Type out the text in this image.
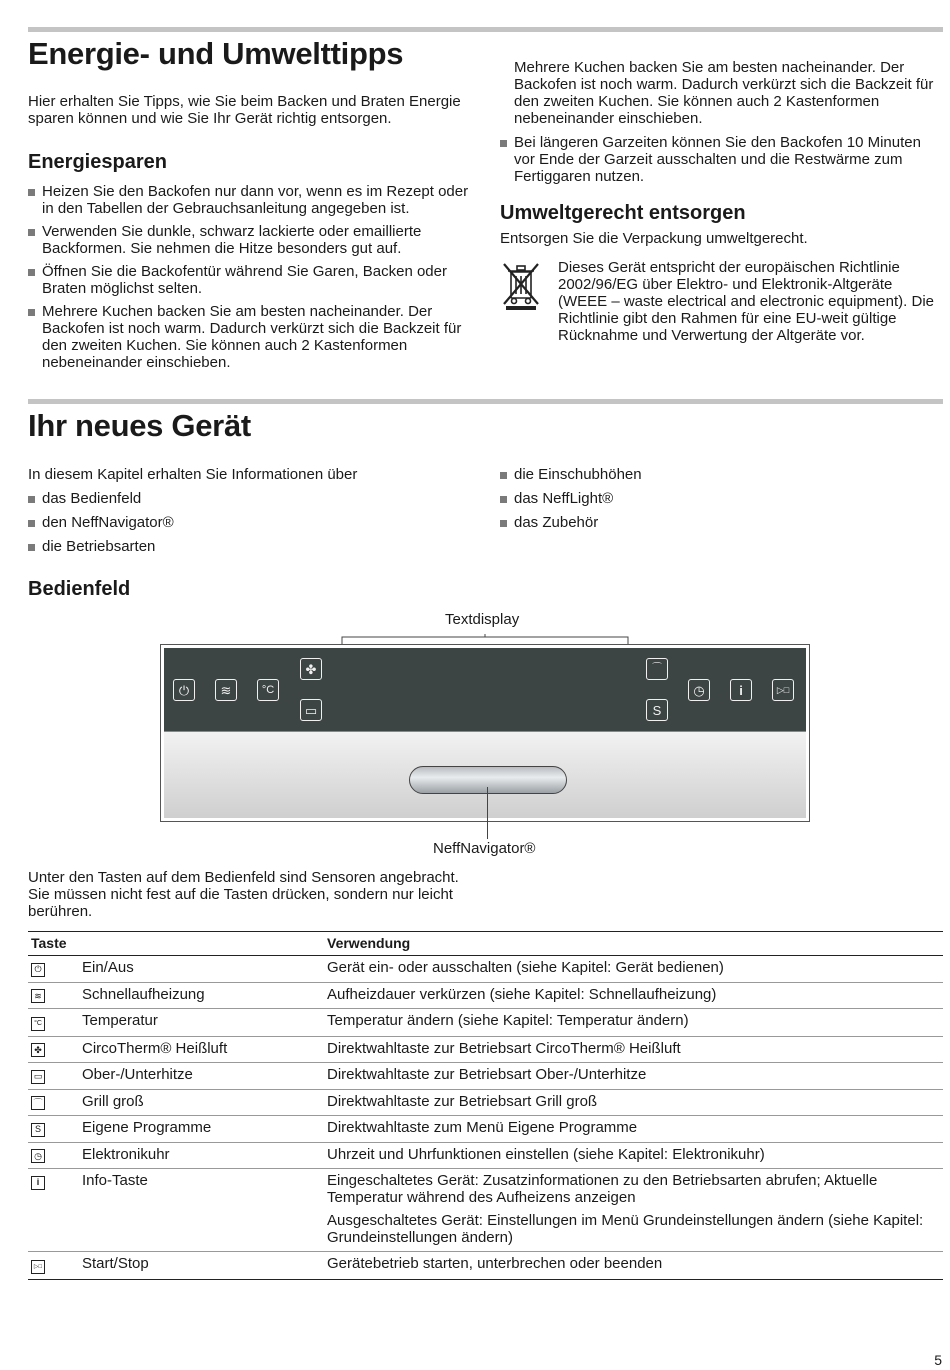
Energie- und Umwelttipps

Hier erhalten Sie Tipps, wie Sie beim Backen und Braten Energie sparen können und wie Sie Ihr Gerät richtig entsorgen.

Energiesparen
Heizen Sie den Backofen nur dann vor, wenn es im Rezept oder in den Tabellen der Gebrauchsanleitung angegeben ist.
Verwenden Sie dunkle, schwarz lackierte oder emaillierte Backformen. Sie nehmen die Hitze besonders gut auf.
Öffnen Sie die Backofentür während Sie Garen, Backen oder Braten möglichst selten.
Mehrere Kuchen backen Sie am besten nacheinander. Der Backofen ist noch warm. Dadurch verkürzt sich die Backzeit für den zweiten Kuchen. Sie können auch 2 Kastenformen nebeneinander einschieben.
Mehrere Kuchen backen Sie am besten nacheinander. Der Backofen ist noch warm. Dadurch verkürzt sich die Backzeit für den zweiten Kuchen. Sie können auch 2 Kastenformen nebeneinander einschieben.
Bei längeren Garzeiten können Sie den Backofen 10 Minuten vor Ende der Garzeit ausschalten und die Restwärme zum Fertiggaren nutzen.
Umweltgerecht entsorgen

Entsorgen Sie die Verpackung umweltgerecht.

Dieses Gerät entspricht der europäischen Richtlinie 2002/96/EG über Elektro- und Elektronik-Altgeräte (WEEE – waste electrical and electronic equipment). Die Richtlinie gibt den Rahmen für eine EU-weit gültige Rücknahme und Verwertung der Altgeräte vor.

Ihr neues Gerät

In diesem Kapitel erhalten Sie Informationen über

das Bedienfeld
den NeffNavigator®
die Betriebsarten
die Einschubhöhen
das NeffLight®
das Zubehör
Bedienfeld
Textdisplay
⏻	≋	°C
✤
▭
⌒
S
◷	i	▷□
NeffNavigator®

Unter den Tasten auf dem Bedienfeld sind Sensoren angebracht. Sie müssen nicht fest auf die Tasten drücken, sondern nur leicht berühren.

Taste		Verwendung
⏻	Ein/Aus	Gerät ein- oder ausschalten (siehe Kapitel: Gerät bedienen)
≋	Schnellaufheizung	Aufheizdauer verkürzen (siehe Kapitel: Schnellaufheizung)
°C	Temperatur	Temperatur ändern (siehe Kapitel: Temperatur ändern)
✤	CircoTherm® Heißluft	Direktwahltaste zur Betriebsart CircoTherm® Heißluft
▭	Ober-/Unterhitze	Direktwahltaste zur Betriebsart Ober-/Unterhitze
⌒	Grill groß	Direktwahltaste zur Betriebsart Grill groß
S	Eigene Programme	Direktwahltaste zum Menü Eigene Programme
◷	Elektronikuhr	Uhrzeit und Uhrfunktionen einstellen (siehe Kapitel: Elektronikuhr)
i	Info-Taste	Eingeschaltetes Gerät: Zusatzinformationen zu den Betriebsarten abrufen; Aktuelle Temperatur während des Aufheizens anzeigen
Ausgeschaltetes Gerät: Einstellungen im Menü Grundeinstellungen ändern (siehe Kapitel: Grundeinstellungen ändern)

▷□	Start/Stop	Gerätebetrieb starten, unterbrechen oder beenden
5
